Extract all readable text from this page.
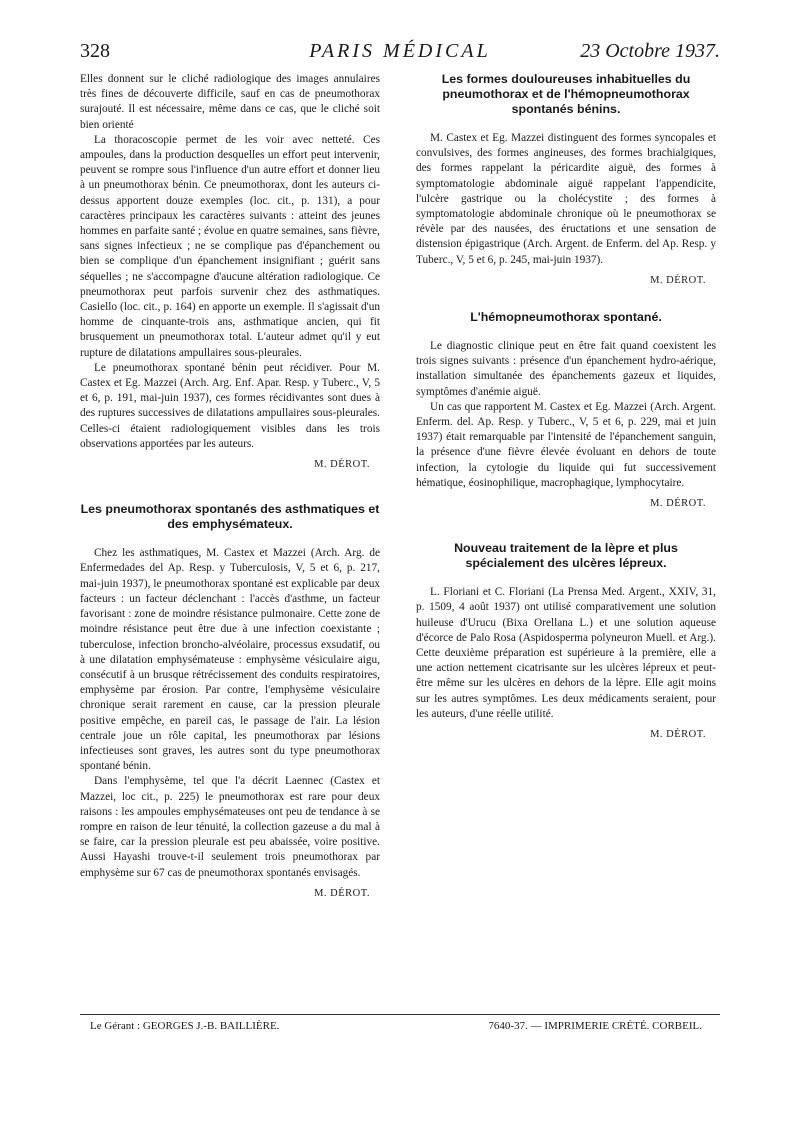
328	PARIS MÉDICAL	23 Octobre 1937.

Elles donnent sur le cliché radiologique des images annulaires très fines de découverte difficile, sauf en cas de pneumothorax surajouté. Il est nécessaire, même dans ce cas, que le cliché soit bien orienté

La thoracoscopie permet de les voir avec netteté. Ces ampoules, dans la production desquelles un effort peut intervenir, peuvent se rompre sous l'influence d'un autre effort et donner lieu à un pneumothorax bénin. Ce pneumothorax, dont les auteurs ci-dessus apportent douze exemples (loc. cit., p. 131), a pour caractères principaux les caractères suivants : atteint des jeunes hommes en parfaite santé ; évolue en quatre semaines, sans fièvre, sans signes infectieux ; ne se complique pas d'épanchement ou bien se complique d'un épanchement insignifiant ; guérit sans séquelles ; ne s'accompagne d'aucune altération radiologique. Ce pneumothorax peut parfois survenir chez des asthmatiques. Casiello (loc. cit., p. 164) en apporte un exemple. Il s'agissait d'un homme de cinquante-trois ans, asthmatique ancien, qui fit brusquement un pneumothorax total. L'auteur admet qu'il y eut rupture de dilatations ampullaires sous-pleurales.

Le pneumothorax spontané bénin peut récidiver. Pour M. Castex et Eg. Mazzei (Arch. Arg. Enf. Apar. Resp. y Tuberc., V, 5 et 6, p. 191, mai-juin 1937), ces formes récidivantes sont dues à des ruptures successives de dilatations ampullaires sous-pleurales. Celles-ci étaient radiologiquement visibles dans les trois observations apportées par les auteurs.

M. DÉROT.
Les pneumothorax spontanés des asthmatiques et des emphysémateux.

Chez les asthmatiques, M. Castex et Mazzei (Arch. Arg. de Enfermedades del Ap. Resp. y Tuberculosis, V, 5 et 6, p. 217, mai-juin 1937), le pneumothorax spontané est explicable par deux facteurs : un facteur déclenchant : l'accès d'asthme, un facteur favorisant : zone de moindre résistance pulmonaire. Cette zone de moindre résistance peut être due à une infection coexistante ; tuberculose, infection broncho-alvéolaire, processus exsudatif, ou à une dilatation emphysémateuse : emphysème vésiculaire aigu, consécutif à un brusque rétrécissement des conduits respiratoires, emphysème par érosion. Par contre, l'emphysème vésiculaire chronique serait rarement en cause, car la pression pleurale positive empêche, en pareil cas, le passage de l'air. La lésion centrale joue un rôle capital, les pneumothorax par lésions infectieuses sont graves, les autres sont du type pneumothorax spontané bénin.

Dans l'emphysème, tel que l'a décrit Laennec (Castex et Mazzei, loc cit., p. 225) le pneumothorax est rare pour deux raisons : les ampoules emphysémateuses ont peu de tendance à se rompre en raison de leur ténuité, la collection gazeuse a du mal à se faire, car la pression pleurale est peu abaissée, voire positive. Aussi Hayashi trouve-t-il seulement trois pneumothorax par emphysème sur 67 cas de pneumothorax spontanés envisagés.

M. DÉROT.
Les formes douloureuses inhabituelles du pneumothorax et de l'hémopneumothorax spontanés bénins.

M. Castex et Eg. Mazzei distinguent des formes syncopales et convulsives, des formes angineuses, des formes brachialgiques, des formes rappelant la péricardite aiguë, des formes à symptomatologie abdominale aiguë rappelant l'appendicite, l'ulcère gastrique ou la cholécystite ; des formes à symptomatologie abdominale chronique où le pneumothorax se révèle par des nausées, des éructations et une sensation de distension épigastrique (Arch. Argent. de Enferm. del Ap. Resp. y Tuberc., V, 5 et 6, p. 245, mai-juin 1937).

M. DÉROT.
L'hémopneumothorax spontané.

Le diagnostic clinique peut en être fait quand coexistent les trois signes suivants : présence d'un épanchement hydro-aérique, installation simultanée des épanchements gazeux et liquides, symptômes d'anémie aiguë.

Un cas que rapportent M. Castex et Eg. Mazzei (Arch. Argent. Enferm. del. Ap. Resp. y Tuberc., V, 5 et 6, p. 229, mai et juin 1937) était remarquable par l'intensité de l'épanchement sanguin, la présence d'une fièvre élevée évoluant en dehors de toute infection, la cytologie du liquide qui fut successivement hématique, éosinophilique, macrophagique, lymphocytaire.

M. DÉROT.
Nouveau traitement de la lèpre et plus spécialement des ulcères lépreux.

L. Floriani et C. Floriani (La Prensa Med. Argent., XXIV, 31, p. 1509, 4 août 1937) ont utilisé comparativement une solution huileuse d'Urucu (Bixa Orellana L.) et une solution aqueuse d'écorce de Palo Rosa (Aspidosperma polyneuron Muell. et Arg.). Cette deuxième préparation est supérieure à la première, elle a une action nettement cicatrisante sur les ulcères lépreux et peut-être même sur les ulcères en dehors de la lèpre. Elle agit moins sur les autres symptômes. Les deux médicaments seraient, pour les auteurs, d'une réelle utilité.

M. DÉROT.
Le Gérant : GEORGES J.-B. BAILLIÈRE.	7640-37. — IMPRIMERIE CRÉTÉ. CORBEIL.
